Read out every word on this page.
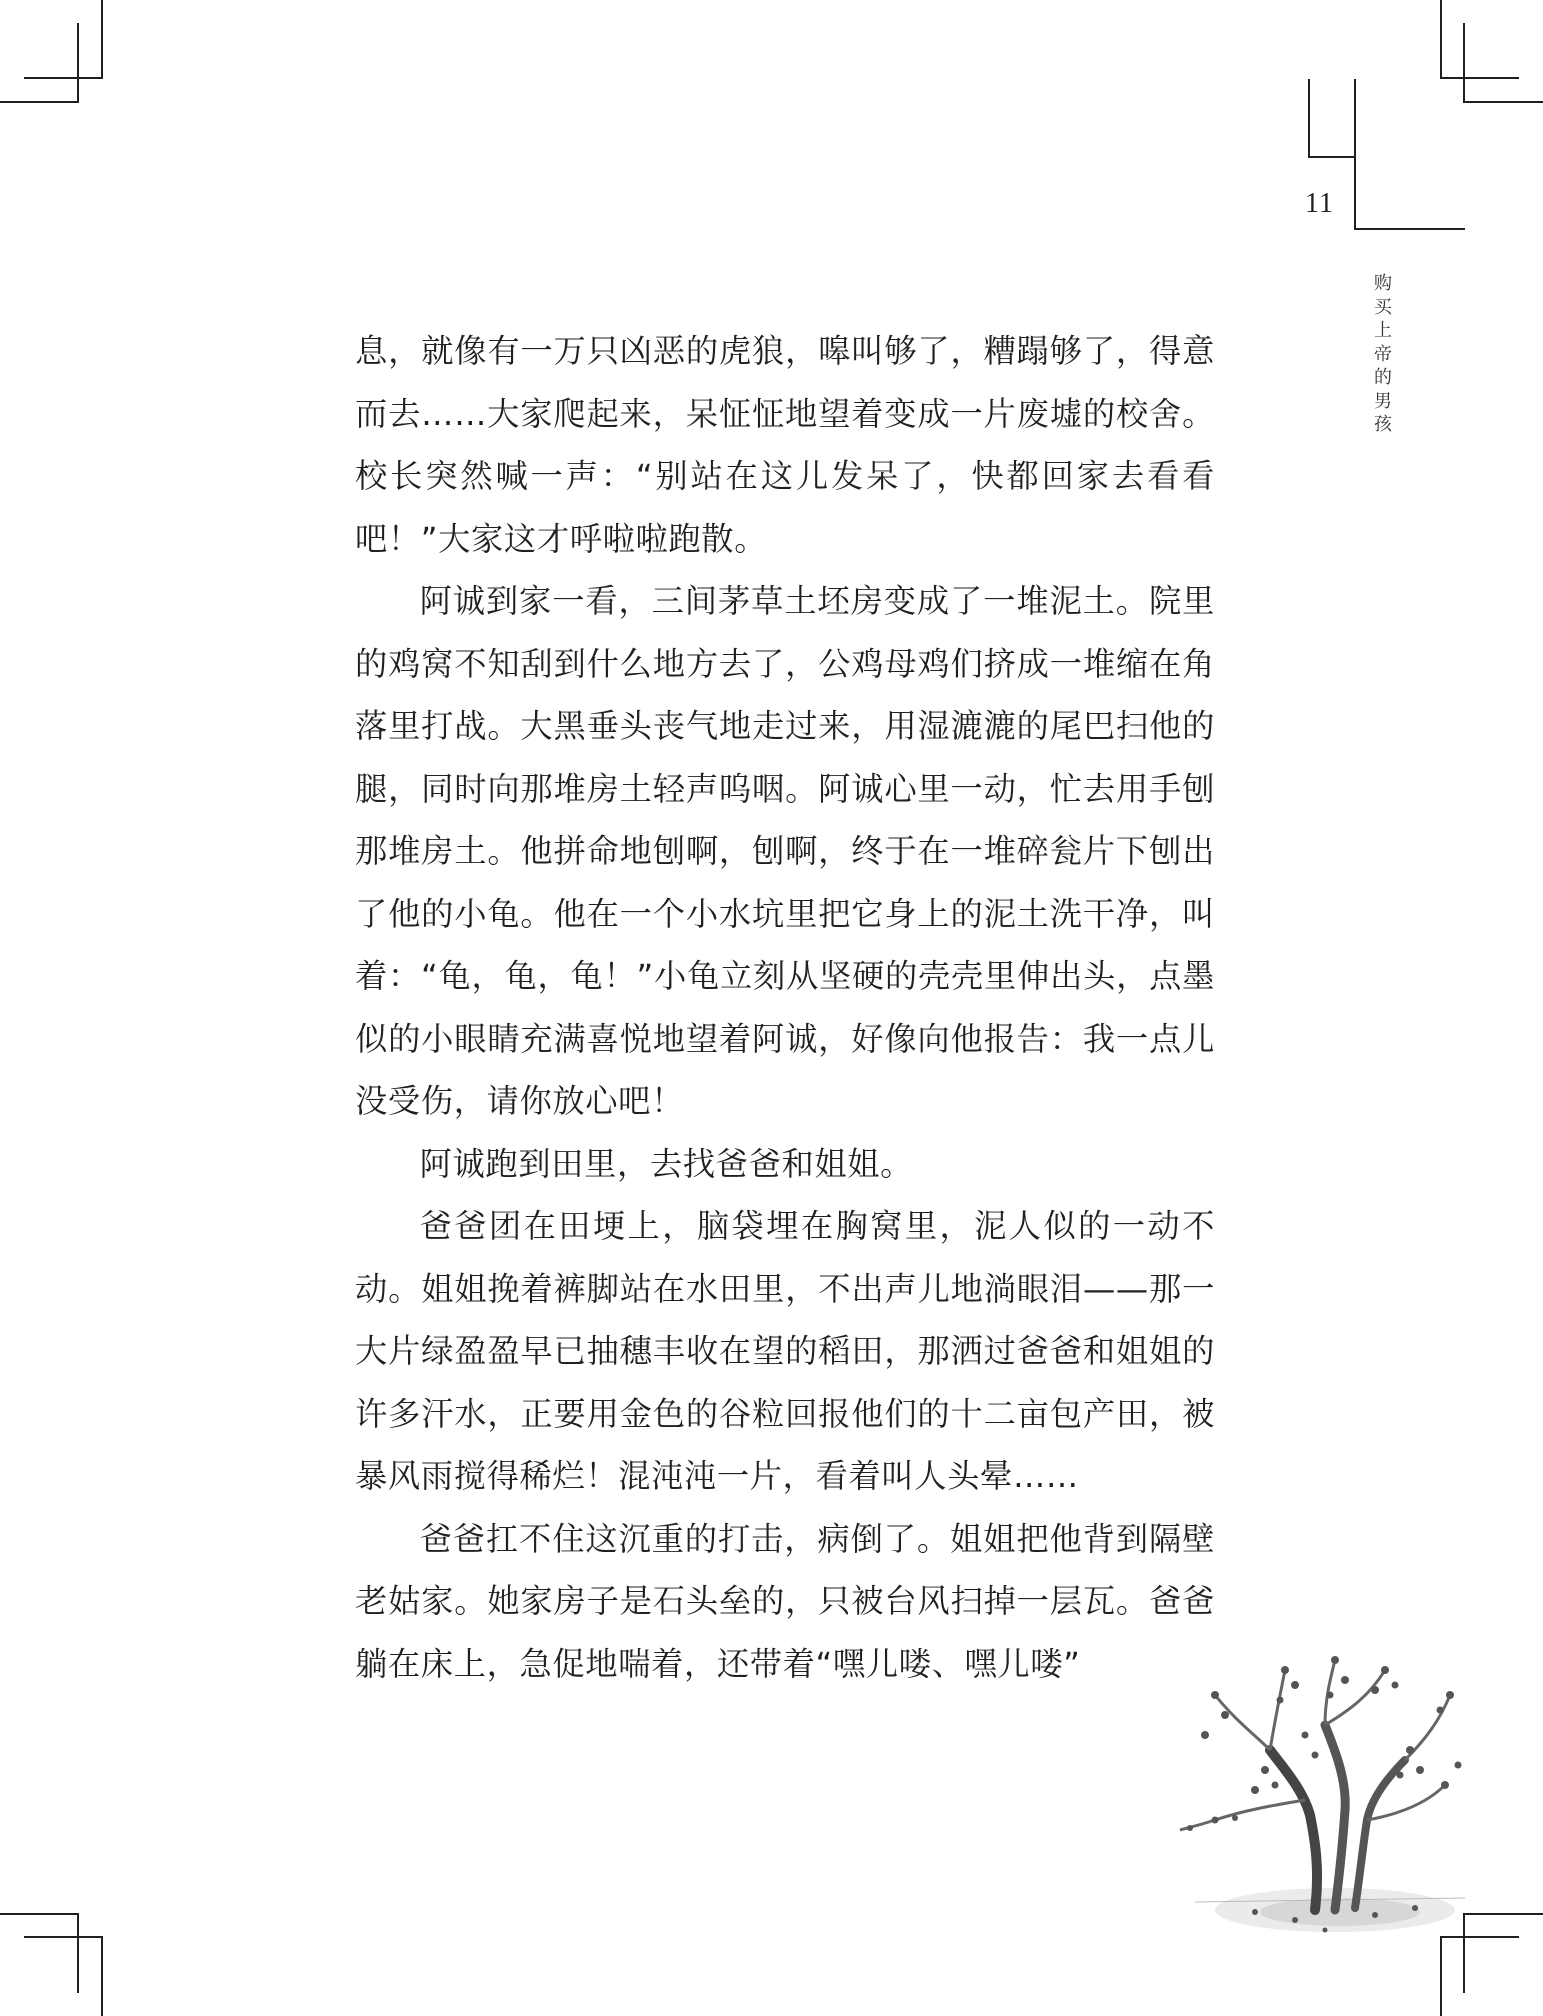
11
购买上帝的男孩

息，就像有一万只凶恶的虎狼，嗥叫够了，糟蹋够了，得意而去……大家爬起来，呆怔怔地望着变成一片废墟的校舍。校长突然喊一声：“别站在这儿发呆了，快都回家去看看吧！”大家这才呼啦啦跑散。

阿诚到家一看，三间茅草土坯房变成了一堆泥土。院里的鸡窝不知刮到什么地方去了，公鸡母鸡们挤成一堆缩在角落里打战。大黑垂头丧气地走过来，用湿漉漉的尾巴扫他的腿，同时向那堆房土轻声呜咽。阿诚心里一动，忙去用手刨那堆房土。他拼命地刨啊，刨啊，终于在一堆碎瓮片下刨出了他的小龟。他在一个小水坑里把它身上的泥土洗干净，叫着：“龟，龟，龟！”小龟立刻从坚硬的壳壳里伸出头，点墨似的小眼睛充满喜悦地望着阿诚，好像向他报告：我一点儿没受伤，请你放心吧！

阿诚跑到田里，去找爸爸和姐姐。

爸爸团在田埂上，脑袋埋在胸窝里，泥人似的一动不动。姐姐挽着裤脚站在水田里，不出声儿地淌眼泪——那一大片绿盈盈早已抽穗丰收在望的稻田，那洒过爸爸和姐姐的许多汗水，正要用金色的谷粒回报他们的十二亩包产田，被暴风雨搅得稀烂！混沌沌一片，看着叫人头晕……

爸爸扛不住这沉重的打击，病倒了。姐姐把他背到隔壁老姑家。她家房子是石头垒的，只被台风扫掉一层瓦。爸爸躺在床上，急促地喘着，还带着“嘿儿喽、嘿儿喽”
